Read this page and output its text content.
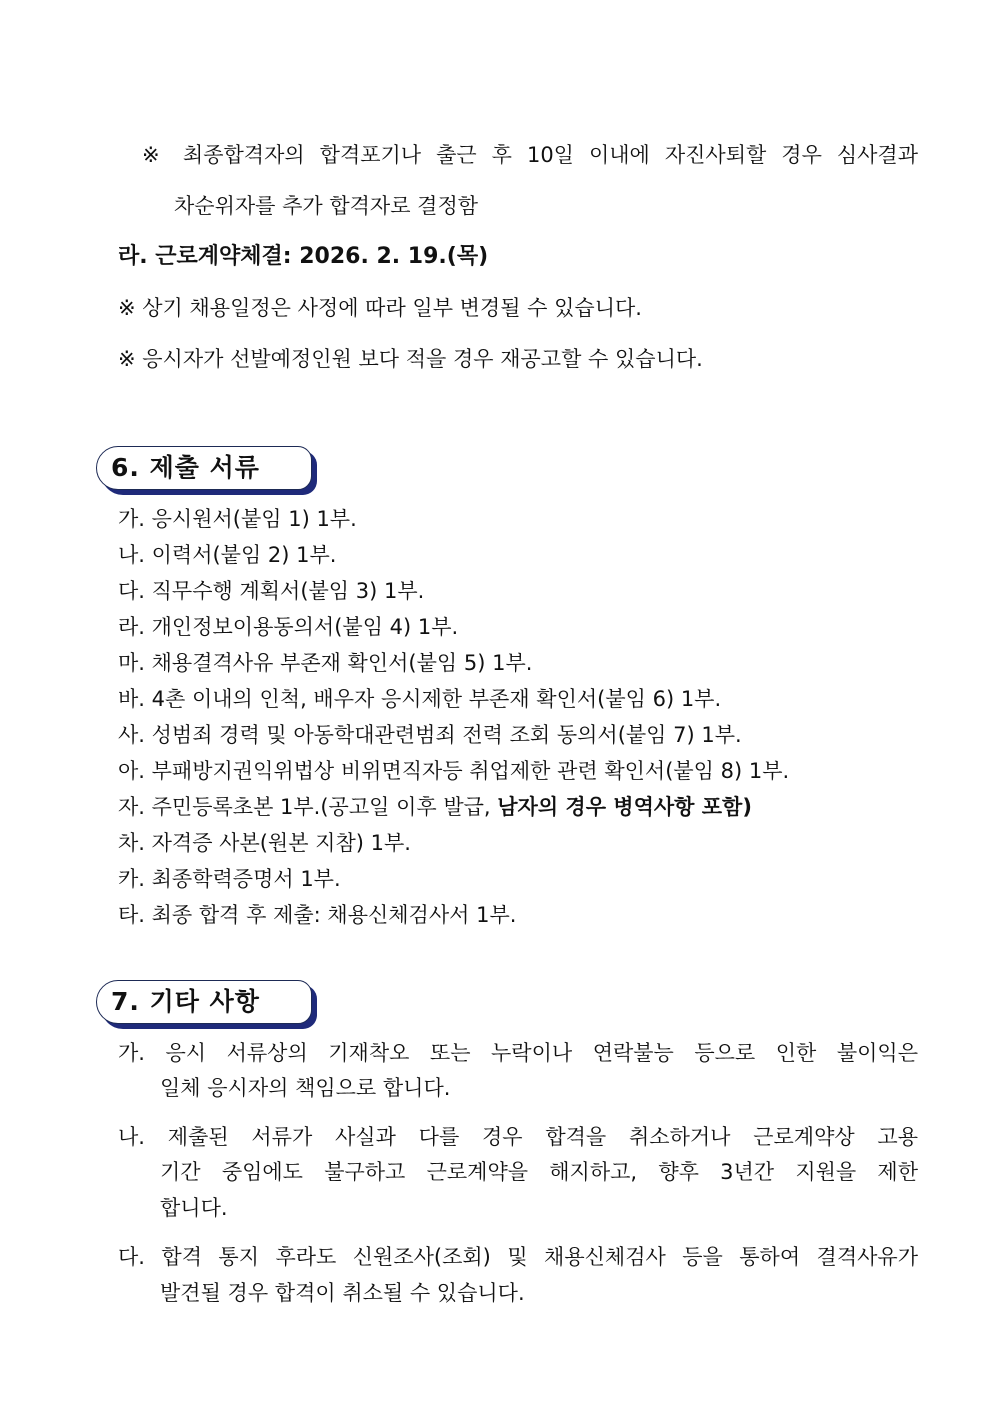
※ 최종합격자의 합격포기나 출근 후 10일 이내에 자진사퇴할 경우 심사결과
차순위자를 추가 합격자로 결정함
라. 근로계약체결: 2026. 2. 19.(목)
※ 상기 채용일정은 사정에 따라 일부 변경될 수 있습니다.
※ 응시자가 선발예정인원 보다 적을 경우 재공고할 수 있습니다.
6. 제출 서류
가. 응시원서(붙임 1) 1부.
나. 이력서(붙임 2) 1부.
다. 직무수행 계획서(붙임 3) 1부.
라. 개인정보이용동의서(붙임 4) 1부.
마. 채용결격사유 부존재 확인서(붙임 5) 1부.
바. 4촌 이내의 인척, 배우자 응시제한 부존재 확인서(붙임 6) 1부.
사. 성범죄 경력 및 아동학대관련범죄 전력 조회 동의서(붙임 7) 1부.
아. 부패방지권익위법상 비위면직자등 취업제한 관련 확인서(붙임 8) 1부.
자. 주민등록초본 1부.(공고일 이후 발급, 남자의 경우 병역사항 포함)
차. 자격증 사본(원본 지참) 1부.
카. 최종학력증명서 1부.
타. 최종 합격 후 제출: 채용신체검사서 1부.
7. 기타 사항
가. 응시 서류상의 기재착오 또는 누락이나 연락불능 등으로 인한 불이익은
일체 응시자의 책임으로 합니다.
나. 제출된 서류가 사실과 다를 경우 합격을 취소하거나 근로계약상 고용
기간 중임에도 불구하고 근로계약을 해지하고, 향후 3년간 지원을 제한
합니다.
다. 합격 통지 후라도 신원조사(조회) 및 채용신체검사 등을 통하여 결격사유가
발견될 경우 합격이 취소될 수 있습니다.
